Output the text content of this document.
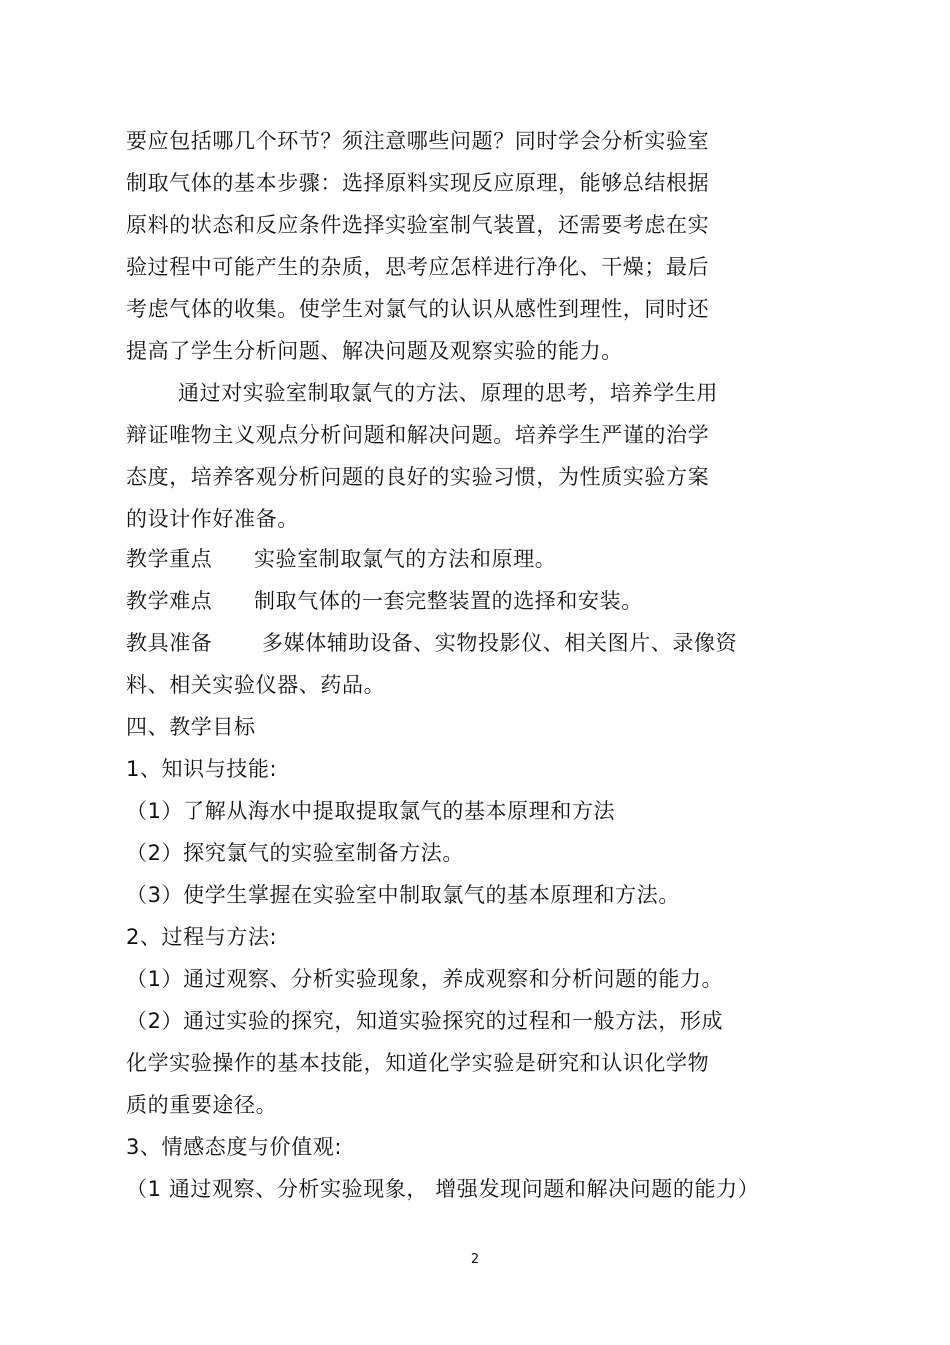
要应包括哪几个环节？须注意哪些问题？同时学会分析实验室
制取气体的基本步骤：选择原料实现反应原理，能够总结根据
原料的状态和反应条件选择实验室制气装置，还需要考虑在实
验过程中可能产生的杂质，思考应怎样进行净化、干燥；最后
考虑气体的收集。使学生对氯气的认识从感性到理性，同时还
提高了学生分析问题、解决问题及观察实验的能力。
通过对实验室制取氯气的方法、原理的思考，培养学生用
辩证唯物主义观点分析问题和解决问题。培养学生严谨的治学
态度，培养客观分析问题的良好的实验习惯，为性质实验方案
的设计作好准备。
教学重点 实验室制取氯气的方法和原理。
教学难点 制取气体的一套完整装置的选择和安装。
教具准备 多媒体辅助设备、实物投影仪、相关图片、录像资
料、相关实验仪器、药品。
四、教学目标
1、知识与技能:
（1）了解从海水中提取提取氯气的基本原理和方法
（2）探究氯气的实验室制备方法。
（3）使学生掌握在实验室中制取氯气的基本原理和方法。
2、过程与方法:
（1）通过观察、分析实验现象，养成观察和分析问题的能力。
（2）通过实验的探究，知道实验探究的过程和一般方法，形成
化学实验操作的基本技能，知道化学实验是研究和认识化学物
质的重要途径。
3、情感态度与价值观:
（1 通过观察、分析实验现象， 增强发现问题和解决问题的能力）
2
